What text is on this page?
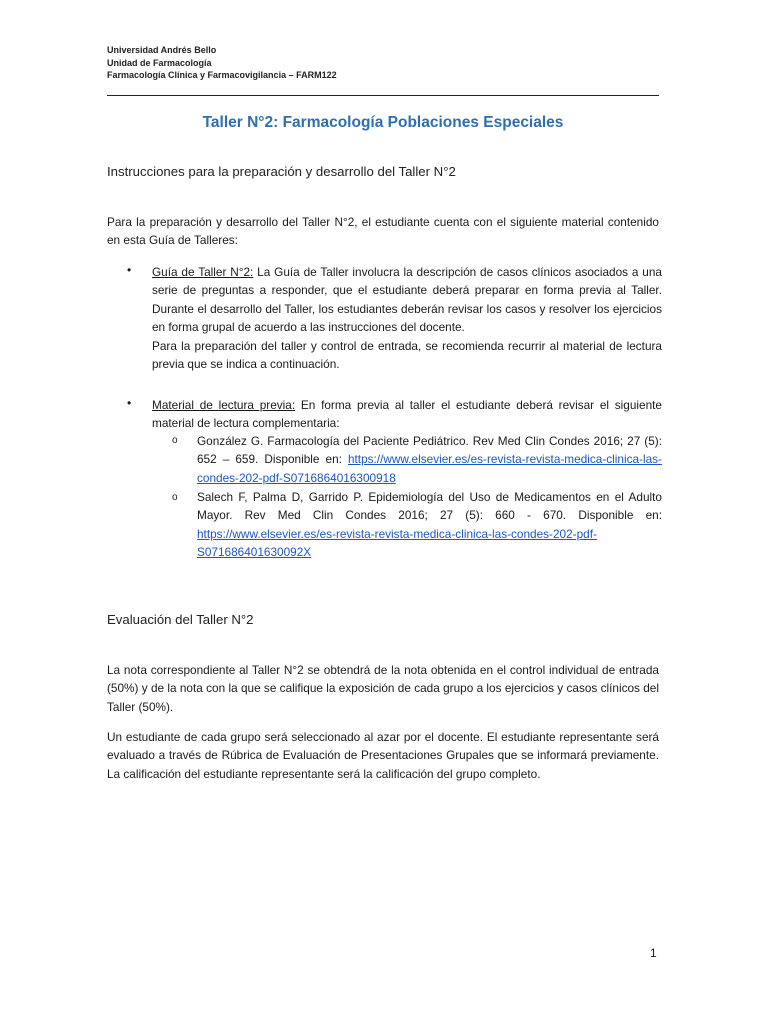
Universidad Andrés Bello
Unidad de Farmacología
Farmacología Clínica y Farmacovigilancia – FARM122
Taller N°2: Farmacología Poblaciones Especiales
Instrucciones para la preparación y desarrollo del Taller N°2
Para la preparación y desarrollo del Taller N°2, el estudiante cuenta con el siguiente material contenido en esta Guía de Talleres:
• Guía de Taller N°2: La Guía de Taller involucra la descripción de casos clínicos asociados a una serie de preguntas a responder, que el estudiante deberá preparar en forma previa al Taller. Durante el desarrollo del Taller, los estudiantes deberán revisar los casos y resolver los ejercicios en forma grupal de acuerdo a las instrucciones del docente.
Para la preparación del taller y control de entrada, se recomienda recurrir al material de lectura previa que se indica a continuación.
• Material de lectura previa: En forma previa al taller el estudiante deberá revisar el siguiente material de lectura complementaria:
o González G. Farmacología del Paciente Pediátrico. Rev Med Clin Condes 2016; 27 (5): 652 – 659. Disponible en: https://www.elsevier.es/es-revista-revista-medica-clinica-las-condes-202-pdf-S0716864016300918
o Salech F, Palma D, Garrido P. Epidemiología del Uso de Medicamentos en el Adulto Mayor. Rev Med Clin Condes 2016; 27 (5): 660 - 670. Disponible en: https://www.elsevier.es/es-revista-revista-medica-clinica-las-condes-202-pdf-S071686401630092X
Evaluación del Taller N°2
La nota correspondiente al Taller N°2 se obtendrá de la nota obtenida en el control individual de entrada (50%) y de la nota con la que se califique la exposición de cada grupo a los ejercicios y casos clínicos del Taller (50%).
Un estudiante de cada grupo será seleccionado al azar por el docente. El estudiante representante será evaluado a través de Rúbrica de Evaluación de Presentaciones Grupales que se informará previamente. La calificación del estudiante representante será la calificación del grupo completo.
1
